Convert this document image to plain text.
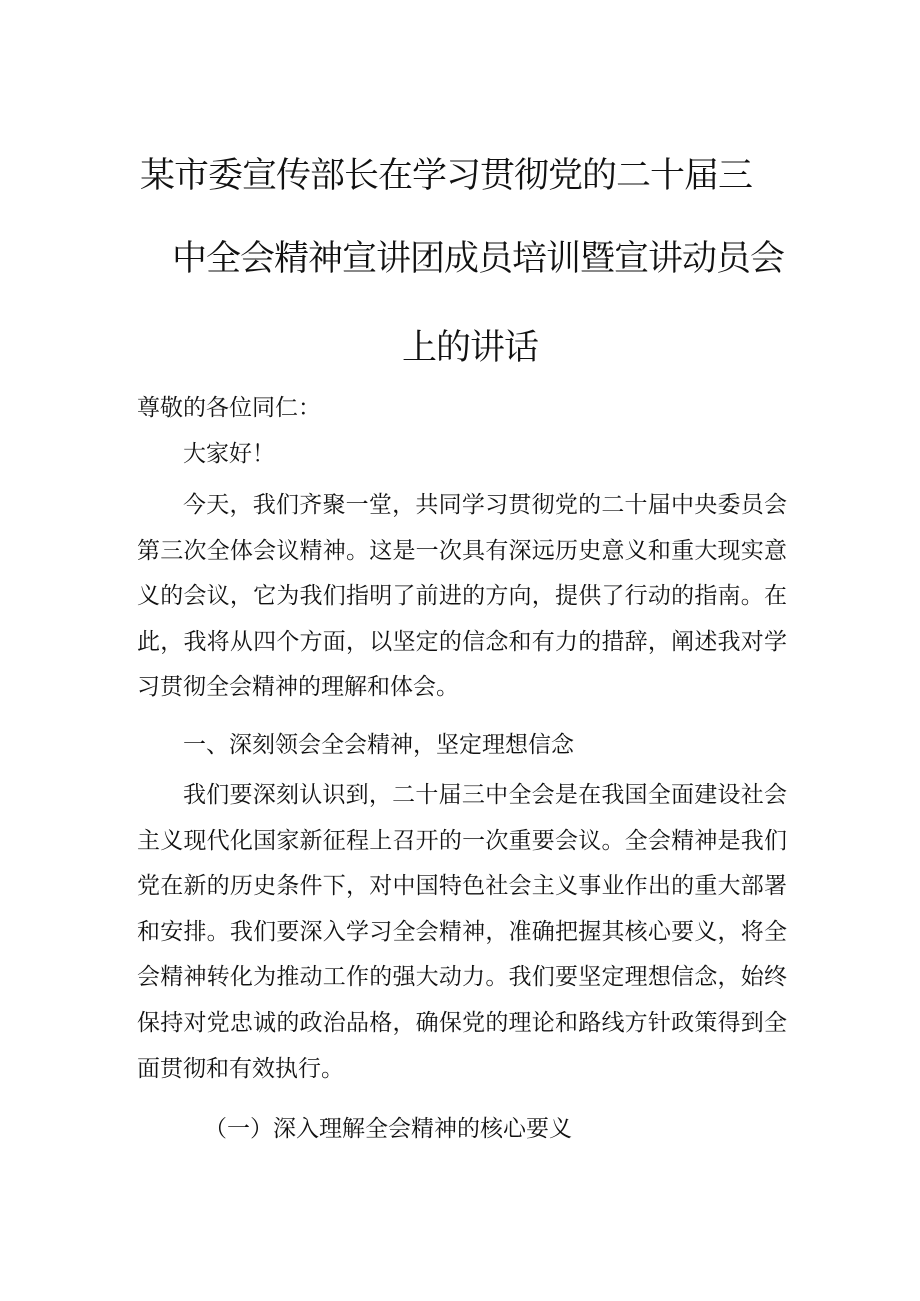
某市委宣传部长在学习贯彻党的二十届三
中全会精神宣讲团成员培训暨宣讲动员会
上的讲话
尊敬的各位同仁：
大家好！

今天，我们齐聚一堂，共同学习贯彻党的二十届中央委员会第三次全体会议精神。这是一次具有深远历史意义和重大现实意义的会议，它为我们指明了前进的方向，提供了行动的指南。在此，我将从四个方面，以坚定的信念和有力的措辞，阐述我对学习贯彻全会精神的理解和体会。

一、深刻领会全会精神，坚定理想信念

我们要深刻认识到，二十届三中全会是在我国全面建设社会主义现代化国家新征程上召开的一次重要会议。全会精神是我们党在新的历史条件下，对中国特色社会主义事业作出的重大部署和安排。我们要深入学习全会精神，准确把握其核心要义，将全会精神转化为推动工作的强大动力。我们要坚定理想信念，始终保持对党忠诚的政治品格，确保党的理论和路线方针政策得到全面贯彻和有效执行。

（一）深入理解全会精神的核心要义
